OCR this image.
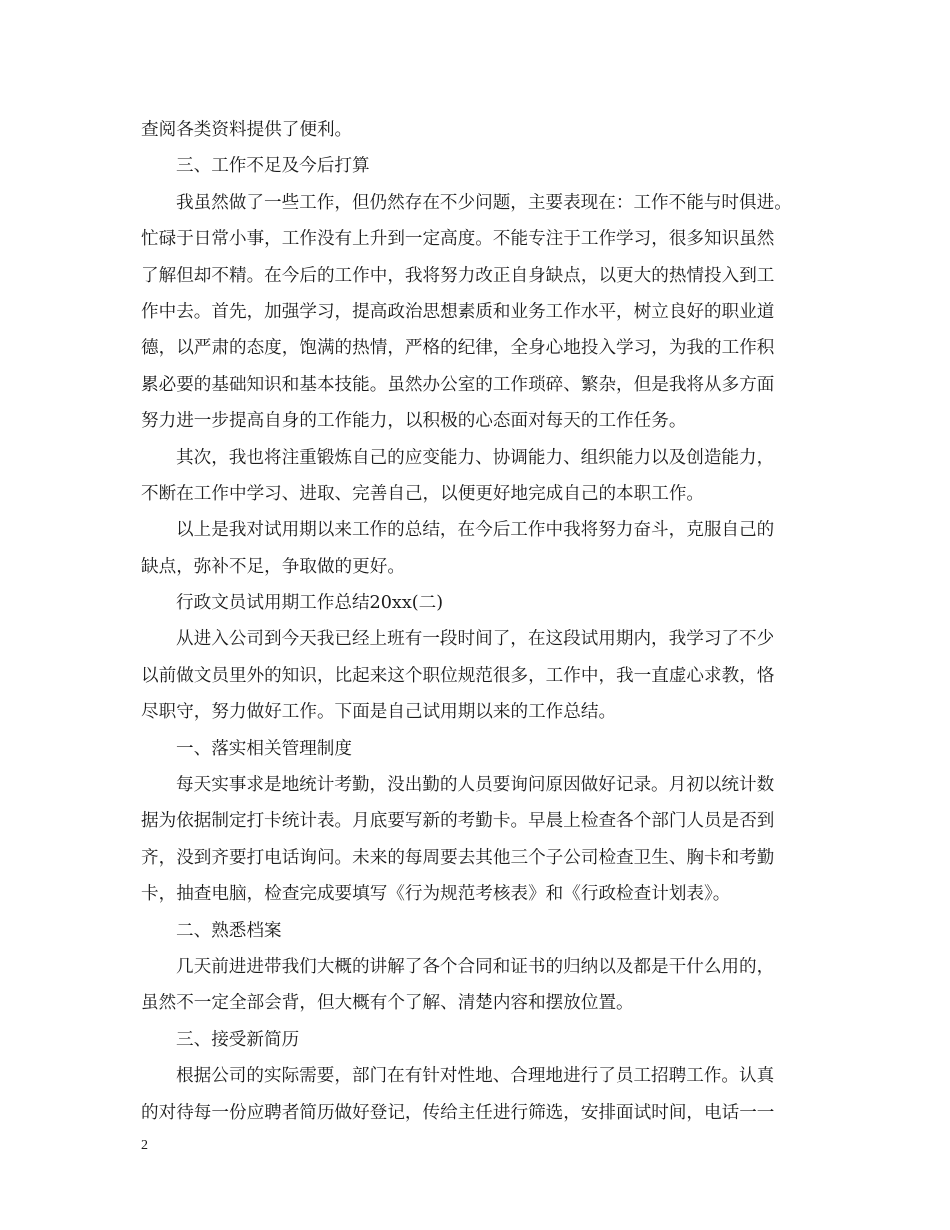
查阅各类资料提供了便利。
三、工作不足及今后打算
我虽然做了一些工作，但仍然存在不少问题，主要表现在：工作不能与时俱进。
忙碌于日常小事，工作没有上升到一定高度。不能专注于工作学习，很多知识虽然
了解但却不精。在今后的工作中，我将努力改正自身缺点，以更大的热情投入到工
作中去。首先，加强学习，提高政治思想素质和业务工作水平，树立良好的职业道
德，以严肃的态度，饱满的热情，严格的纪律，全身心地投入学习，为我的工作积
累必要的基础知识和基本技能。虽然办公室的工作琐碎、繁杂，但是我将从多方面
努力进一步提高自身的工作能力，以积极的心态面对每天的工作任务。
其次，我也将注重锻炼自己的应变能力、协调能力、组织能力以及创造能力，
不断在工作中学习、进取、完善自己，以便更好地完成自己的本职工作。
以上是我对试用期以来工作的总结，在今后工作中我将努力奋斗，克服自己的
缺点，弥补不足，争取做的更好。
行政文员试用期工作总结20xx(二)
从进入公司到今天我已经上班有一段时间了，在这段试用期内，我学习了不少
以前做文员里外的知识，比起来这个职位规范很多，工作中，我一直虚心求教，恪
尽职守，努力做好工作。下面是自己试用期以来的工作总结。
一、落实相关管理制度
每天实事求是地统计考勤，没出勤的人员要询问原因做好记录。月初以统计数
据为依据制定打卡统计表。月底要写新的考勤卡。早晨上检查各个部门人员是否到
齐，没到齐要打电话询问。未来的每周要去其他三个子公司检查卫生、胸卡和考勤
卡，抽查电脑，检查完成要填写《行为规范考核表》和《行政检查计划表》。
二、熟悉档案
几天前进进带我们大概的讲解了各个合同和证书的归纳以及都是干什么用的，
虽然不一定全部会背，但大概有个了解、清楚内容和摆放位置。
三、接受新简历
根据公司的实际需要，部门在有针对性地、合理地进行了员工招聘工作。认真
的对待每一份应聘者简历做好登记，传给主任进行筛选，安排面试时间，电话一一
2
